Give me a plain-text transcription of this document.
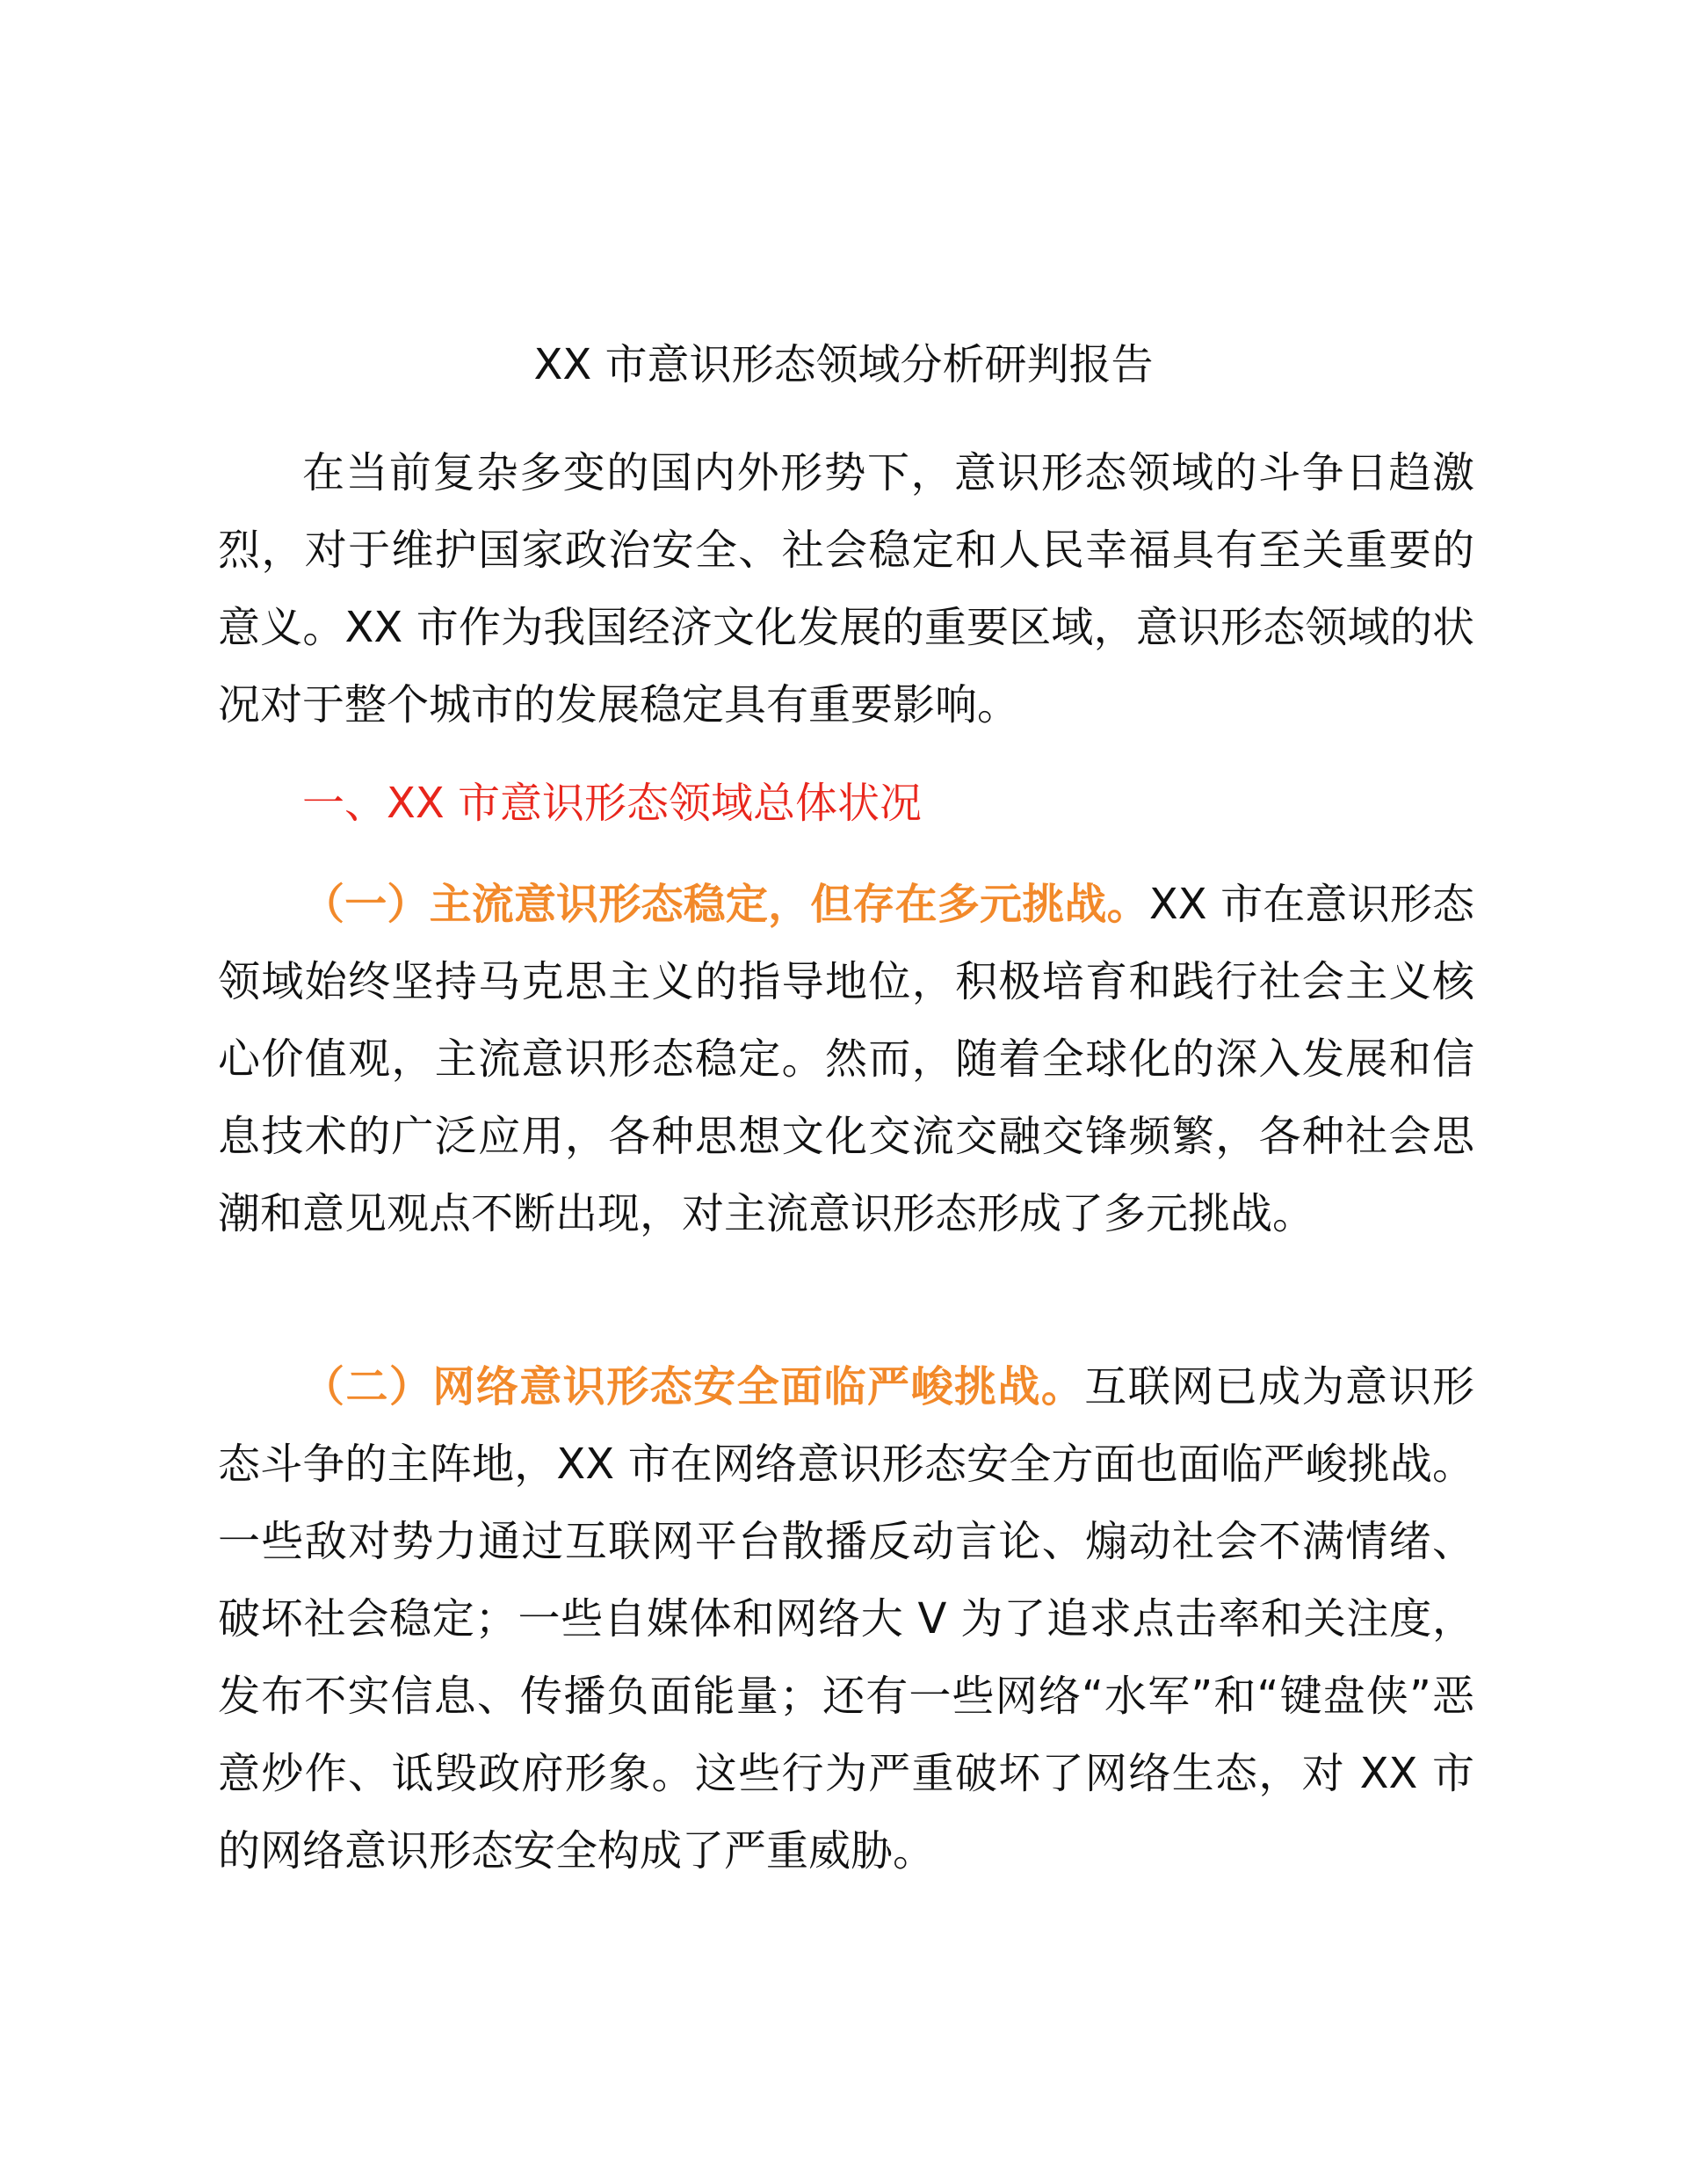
XX 市意识形态领域分析研判报告

在当前复杂多变的国内外形势下，意识形态领域的斗争日趋激烈，对于维护国家政治安全、社会稳定和人民幸福具有至关重要的意义。XX 市作为我国经济文化发展的重要区域，意识形态领域的状况对于整个城市的发展稳定具有重要影响。

一、XX 市意识形态领域总体状况

（一）主流意识形态稳定，但存在多元挑战。XX 市在意识形态领域始终坚持马克思主义的指导地位，积极培育和践行社会主义核心价值观，主流意识形态稳定。然而，随着全球化的深入发展和信息技术的广泛应用，各种思想文化交流交融交锋频繁，各种社会思潮和意见观点不断出现，对主流意识形态形成了多元挑战。

（二）网络意识形态安全面临严峻挑战。互联网已成为意识形态斗争的主阵地，XX 市在网络意识形态安全方面也面临严峻挑战。一些敌对势力通过互联网平台散播反动言论、煽动社会不满情绪、破坏社会稳定；一些自媒体和网络大 V 为了追求点击率和关注度，发布不实信息、传播负面能量；还有一些网络“水军”和“键盘侠”恶意炒作、诋毁政府形象。这些行为严重破坏了网络生态，对 XX 市的网络意识形态安全构成了严重威胁。
